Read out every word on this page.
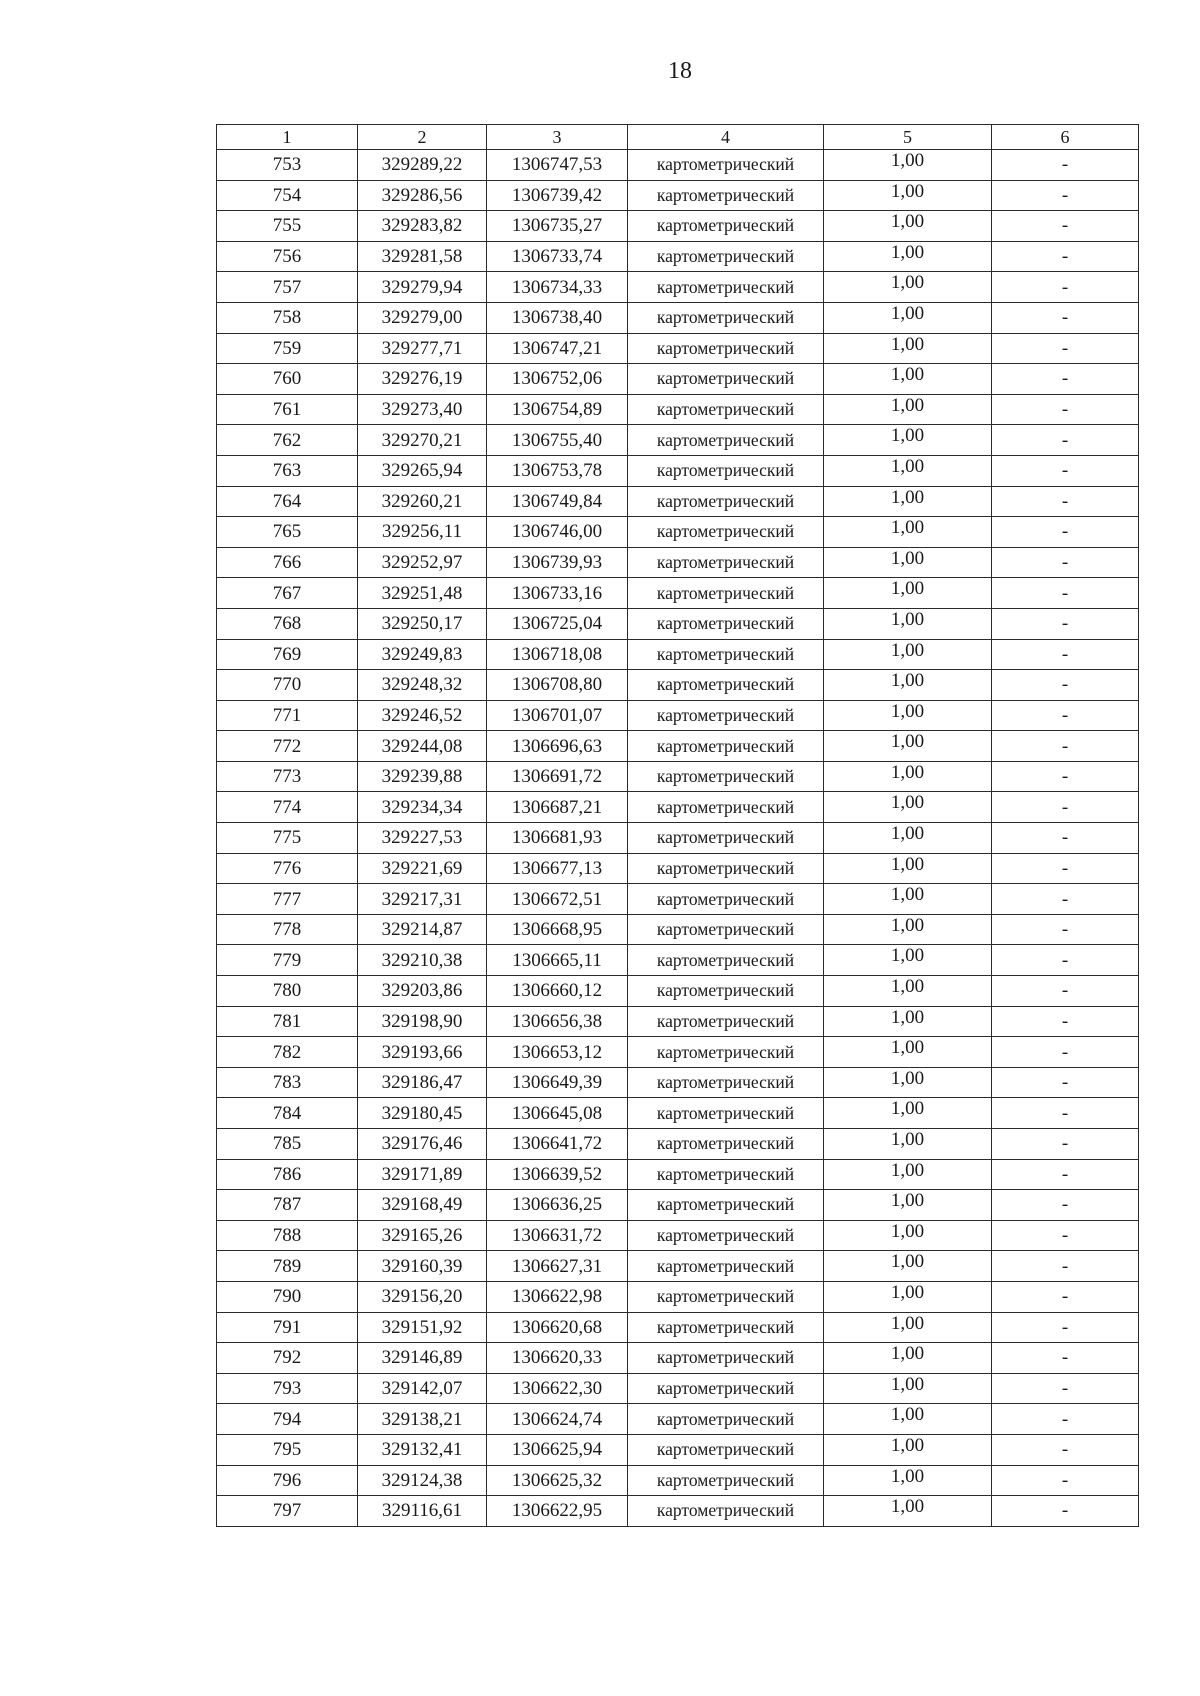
18
1	2	3	4	5	6
753	329289,22	1306747,53	картометрический	1,00	-
754	329286,56	1306739,42	картометрический	1,00	-
755	329283,82	1306735,27	картометрический	1,00	-
756	329281,58	1306733,74	картометрический	1,00	-
757	329279,94	1306734,33	картометрический	1,00	-
758	329279,00	1306738,40	картометрический	1,00	-
759	329277,71	1306747,21	картометрический	1,00	-
760	329276,19	1306752,06	картометрический	1,00	-
761	329273,40	1306754,89	картометрический	1,00	-
762	329270,21	1306755,40	картометрический	1,00	-
763	329265,94	1306753,78	картометрический	1,00	-
764	329260,21	1306749,84	картометрический	1,00	-
765	329256,11	1306746,00	картометрический	1,00	-
766	329252,97	1306739,93	картометрический	1,00	-
767	329251,48	1306733,16	картометрический	1,00	-
768	329250,17	1306725,04	картометрический	1,00	-
769	329249,83	1306718,08	картометрический	1,00	-
770	329248,32	1306708,80	картометрический	1,00	-
771	329246,52	1306701,07	картометрический	1,00	-
772	329244,08	1306696,63	картометрический	1,00	-
773	329239,88	1306691,72	картометрический	1,00	-
774	329234,34	1306687,21	картометрический	1,00	-
775	329227,53	1306681,93	картометрический	1,00	-
776	329221,69	1306677,13	картометрический	1,00	-
777	329217,31	1306672,51	картометрический	1,00	-
778	329214,87	1306668,95	картометрический	1,00	-
779	329210,38	1306665,11	картометрический	1,00	-
780	329203,86	1306660,12	картометрический	1,00	-
781	329198,90	1306656,38	картометрический	1,00	-
782	329193,66	1306653,12	картометрический	1,00	-
783	329186,47	1306649,39	картометрический	1,00	-
784	329180,45	1306645,08	картометрический	1,00	-
785	329176,46	1306641,72	картометрический	1,00	-
786	329171,89	1306639,52	картометрический	1,00	-
787	329168,49	1306636,25	картометрический	1,00	-
788	329165,26	1306631,72	картометрический	1,00	-
789	329160,39	1306627,31	картометрический	1,00	-
790	329156,20	1306622,98	картометрический	1,00	-
791	329151,92	1306620,68	картометрический	1,00	-
792	329146,89	1306620,33	картометрический	1,00	-
793	329142,07	1306622,30	картометрический	1,00	-
794	329138,21	1306624,74	картометрический	1,00	-
795	329132,41	1306625,94	картометрический	1,00	-
796	329124,38	1306625,32	картометрический	1,00	-
797	329116,61	1306622,95	картометрический	1,00	-
